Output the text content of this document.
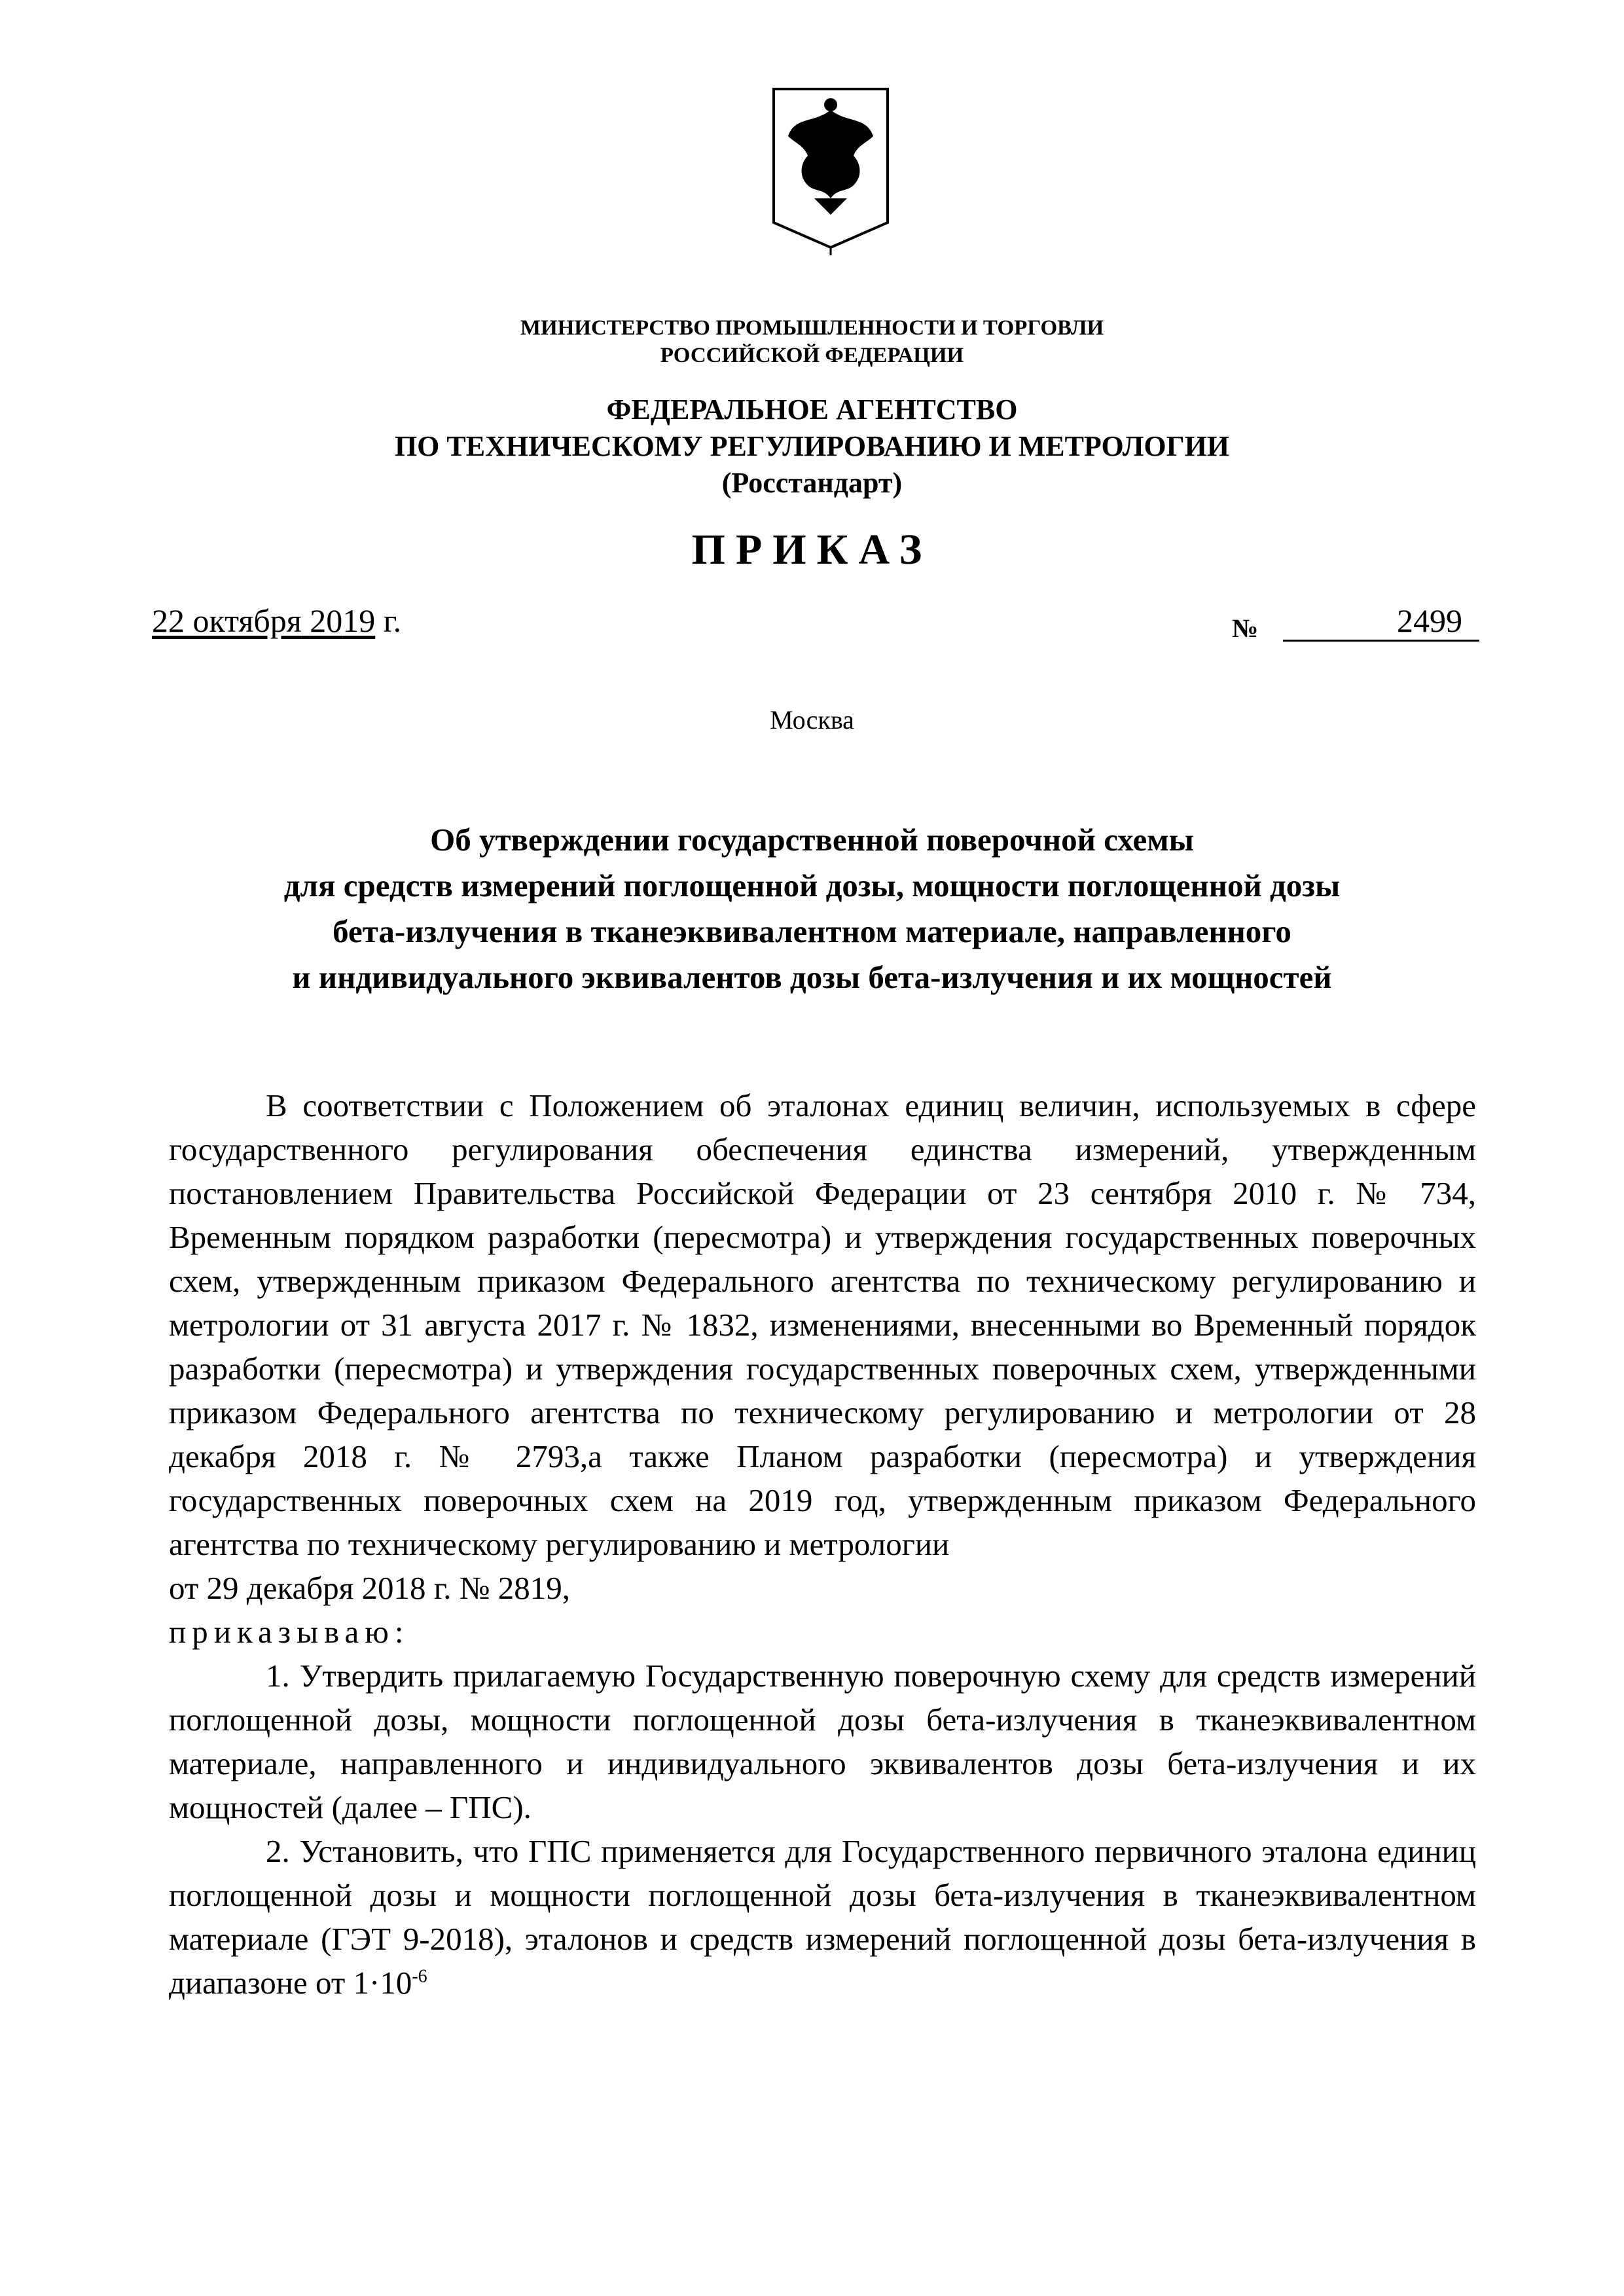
МИНИСТЕРСТВО ПРОМЫШЛЕННОСТИ И ТОРГОВЛИ
РОССИЙСКОЙ ФЕДЕРАЦИИ
ФЕДЕРАЛЬНОЕ АГЕНТСТВО
ПО ТЕХНИЧЕСКОМУ РЕГУЛИРОВАНИЮ И МЕТРОЛОГИИ
(Росстандарт)
ПРИКАЗ
22 октября 2019 г.	№	2499
Москва
Об утверждении государственной поверочной схемы
для средств измерений поглощенной дозы, мощности поглощенной дозы
бета-излучения в тканеэквивалентном материале, направленного
и индивидуального эквивалентов дозы бета-излучения и их мощностей

В соответствии с Положением об эталонах единиц величин, используемых в сфере государственного регулирования обеспечения единства измерений, утвержденным постановлением Правительства Российской Федерации от 23 сентября 2010 г. № 734, Временным порядком разработки (пересмотра) и утверждения государственных поверочных схем, утвержденным приказом Федерального агентства по техническому регулированию и метрологии от 31 августа 2017 г. № 1832, изменениями, внесенными во Временный порядок разработки (пересмотра) и утверждения государственных поверочных схем, утвержденными приказом Федерального агентства по техническому регулированию и метрологии от 28 декабря 2018 г. № 2793,а также Планом разработки (пересмотра) и утверждения государственных поверочных схем на 2019 год, утвержденным приказом Федерального агентства по техническому регулированию и метрологии

от 29 декабря 2018 г. № 2819,

приказываю:

1. Утвердить прилагаемую Государственную поверочную схему для средств измерений поглощенной дозы, мощности поглощенной дозы бета-излучения в тканеэквивалентном материале, направленного и индивидуального эквивалентов дозы бета-излучения и их мощностей (далее – ГПС).

2. Установить, что ГПС применяется для Государственного первичного эталона единиц поглощенной дозы и мощности поглощенной дозы бета-излучения в тканеэквивалентном материале (ГЭТ 9-2018), эталонов и средств измерений поглощенной дозы бета-излучения в диапазоне от $1\cdot 10^{-6}$
